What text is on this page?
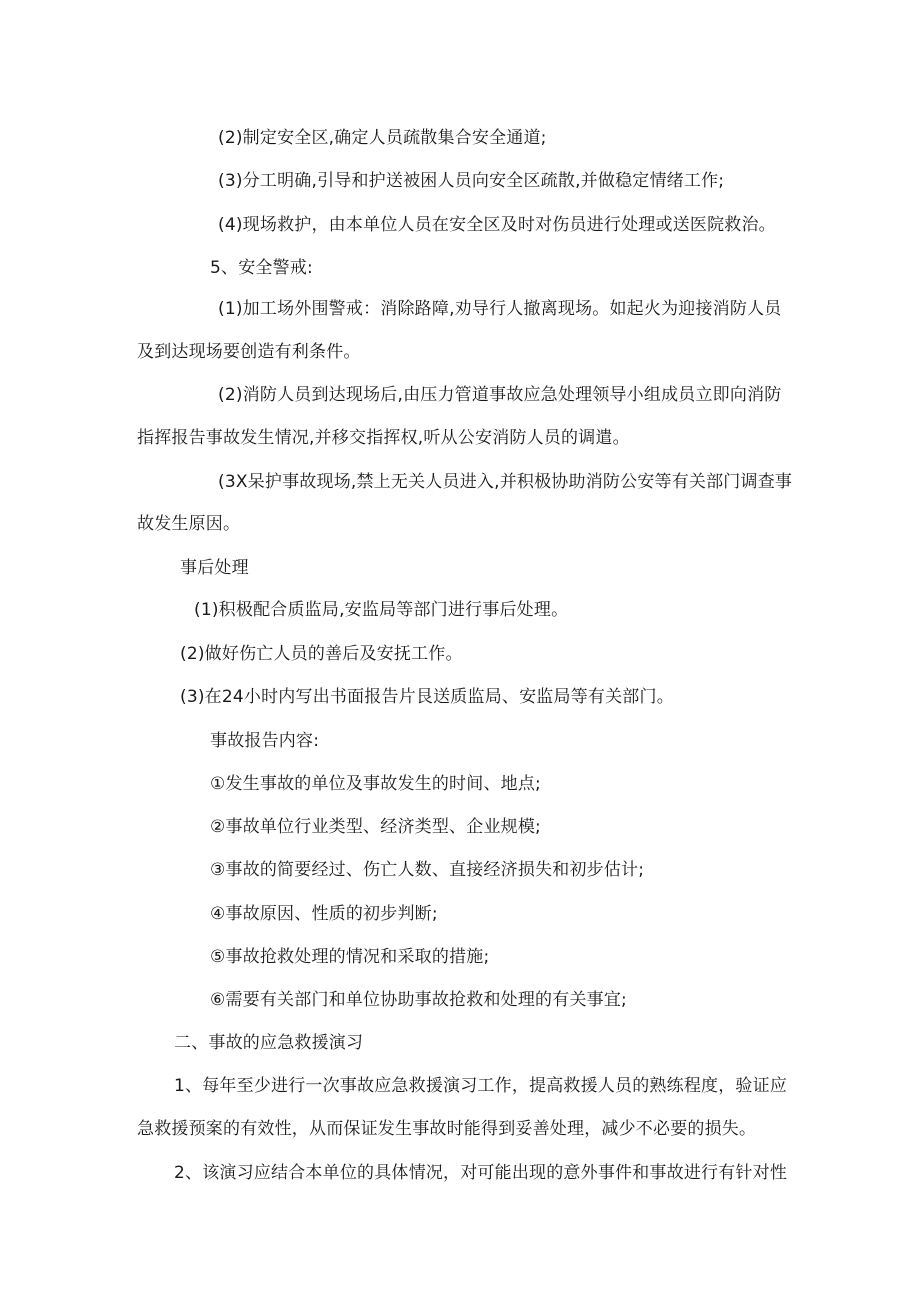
(2)制定安全区,确定人员疏散集合安全通道;
(3)分工明确,引导和护送被困人员向安全区疏散,并做稳定情绪工作;
(4)现场救护，由本单位人员在安全区及时对伤员进行处理或送医院救治。
5、安全警戒:
(1)加工场外围警戒：消除路障,劝导行人撤离现场。如起火为迎接消防人员
及到达现场要创造有利条件。
(2)消防人员到达现场后,由压力管道事故应急处理领导小组成员立即向消防
指挥报告事故发生情况,并移交指挥权,听从公安消防人员的调遣。
(3X呆护事故现场,禁上无关人员进入,并积极协助消防公安等有关部门调查事
故发生原因。
事后处理
(1)积极配合质监局,安监局等部门进行事后处理。
(2)做好伤亡人员的善后及安抚工作。
(3)在24小时内写出书面报告片艮送质监局、安监局等有关部门。
事故报告内容:
①发生事故的单位及事故发生的时间、地点;
②事故单位行业类型、经济类型、企业规模;
③事故的简要经过、伤亡人数、直接经济损失和初步估计;
④事故原因、性质的初步判断;
⑤事故抢救处理的情况和采取的措施;
⑥需要有关部门和单位协助事故抢救和处理的有关事宜;
二、事故的应急救援演习
1、每年至少进行一次事故应急救援演习工作，提高救援人员的熟练程度，验证应
急救援预案的有效性，从而保证发生事故时能得到妥善处理，减少不必要的损失。
2、该演习应结合本单位的具体情况，对可能出现的意外事件和事故进行有针对性
